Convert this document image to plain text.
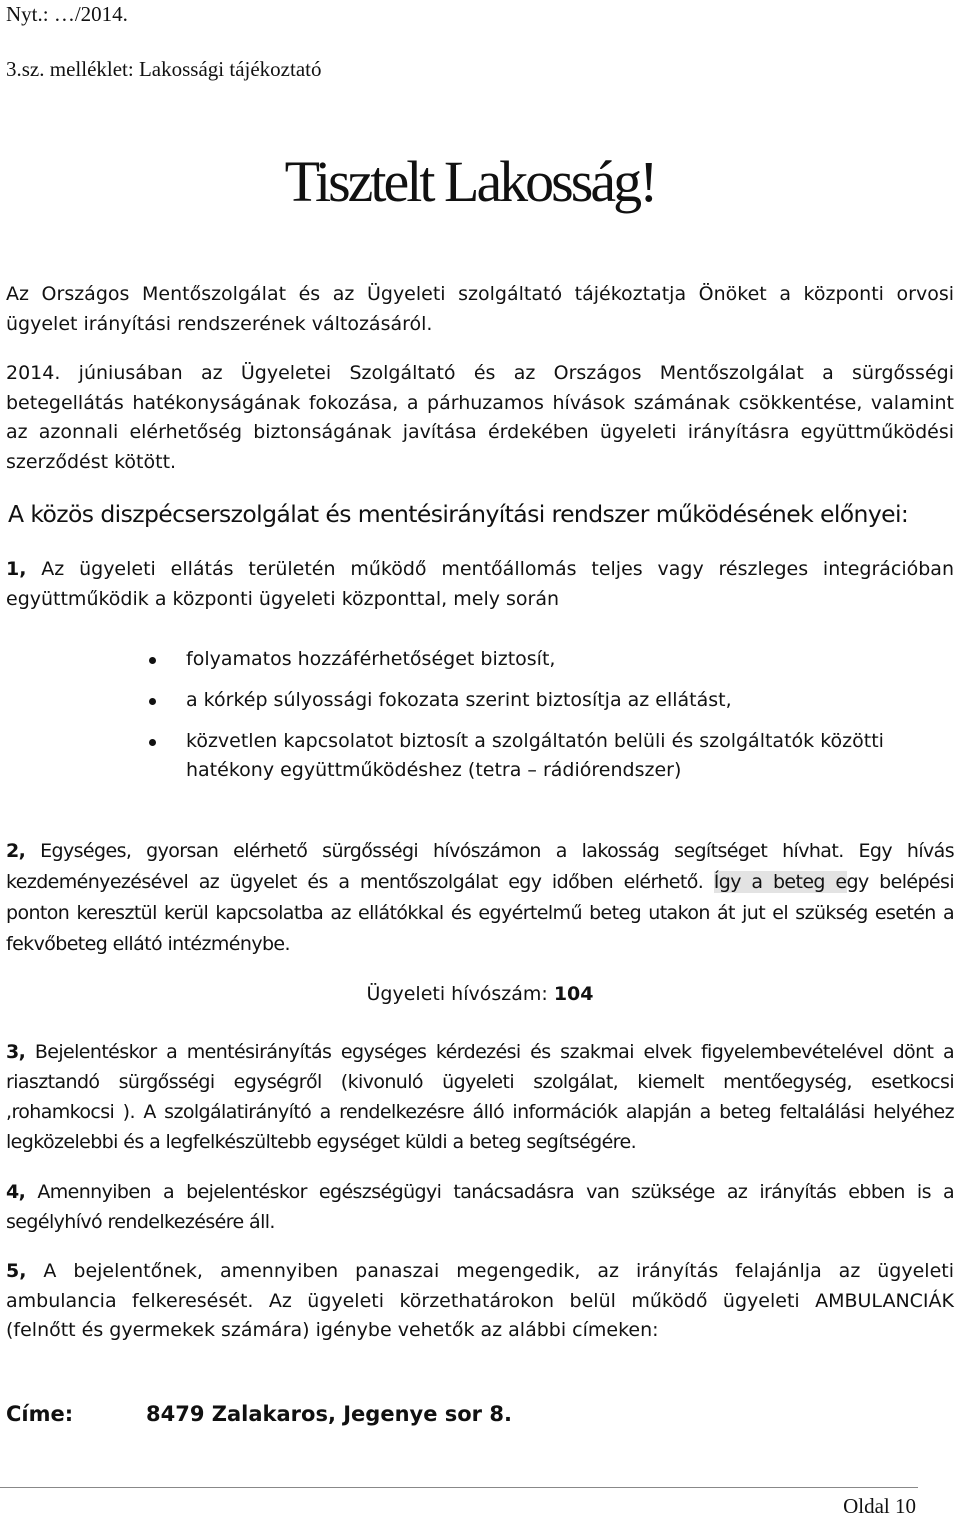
Nyt.: …/2014.
3.sz. melléklet: Lakossági tájékoztató
Tisztelt Lakosság!

Az Országos Mentőszolgálat és az Ügyeleti szolgáltató tájékoztatja Önöket a központi orvosi ügyelet irányítási rendszerének változásáról.

2014. júniusában az Ügyeletei Szolgáltató és az Országos Mentőszolgálat a sürgősségi betegellátás hatékonyságának fokozása, a párhuzamos hívások számának csökkentése, valamint az azonnali elérhetőség biztonságának javítása érdekében ügyeleti irányításra együttműködési szerződést kötött.

A közös diszpécserszolgálat és mentésirányítási rendszer működésének előnyei:

1, Az ügyeleti ellátás területén működő mentőállomás teljes vagy részleges integrációban együttműködik a központi ügyeleti központtal, mely során

folyamatos hozzáférhetőséget biztosít,
a kórkép súlyossági fokozata szerint biztosítja az ellátást,
közvetlen kapcsolatot biztosít a szolgáltatón belüli és szolgáltatók közötti hatékony együttműködéshez (tetra – rádiórendszer)

2, Egységes, gyorsan elérhető sürgősségi hívószámon a lakosság segítséget hívhat. Egy hívás kezdeményezésével az ügyelet és a mentőszolgálat egy időben elérhető. Így a beteg egy belépési ponton keresztül kerül kapcsolatba az ellátókkal és egyértelmű beteg utakon át jut el szükség esetén a fekvőbeteg ellátó intézménybe.

Ügyeleti hívószám: 104

3, Bejelentéskor a mentésirányítás egységes kérdezési és szakmai elvek figyelembevételével dönt a riasztandó sürgősségi egységről (kivonuló ügyeleti szolgálat, kiemelt mentőegység, esetkocsi ,rohamkocsi ). A szolgálatirányító a rendelkezésre álló információk alapján a beteg feltalálási helyéhez legközelebbi és a legfelkészültebb egységet küldi a beteg segítségére.

4, Amennyiben a bejelentéskor egészségügyi tanácsadásra van szüksége az irányítás ebben is a segélyhívó rendelkezésére áll.

5, A bejelentőnek, amennyiben panaszai megengedik, az irányítás felajánlja az ügyeleti ambulancia felkeresését. Az ügyeleti körzethatárokon belül működő ügyeleti AMBULANCIÁK (felnőtt és gyermekek számára) igénybe vehetők az alábbi címeken:

Címe:	8479 Zalakaros, Jegenye sor 8.
Oldal 10
